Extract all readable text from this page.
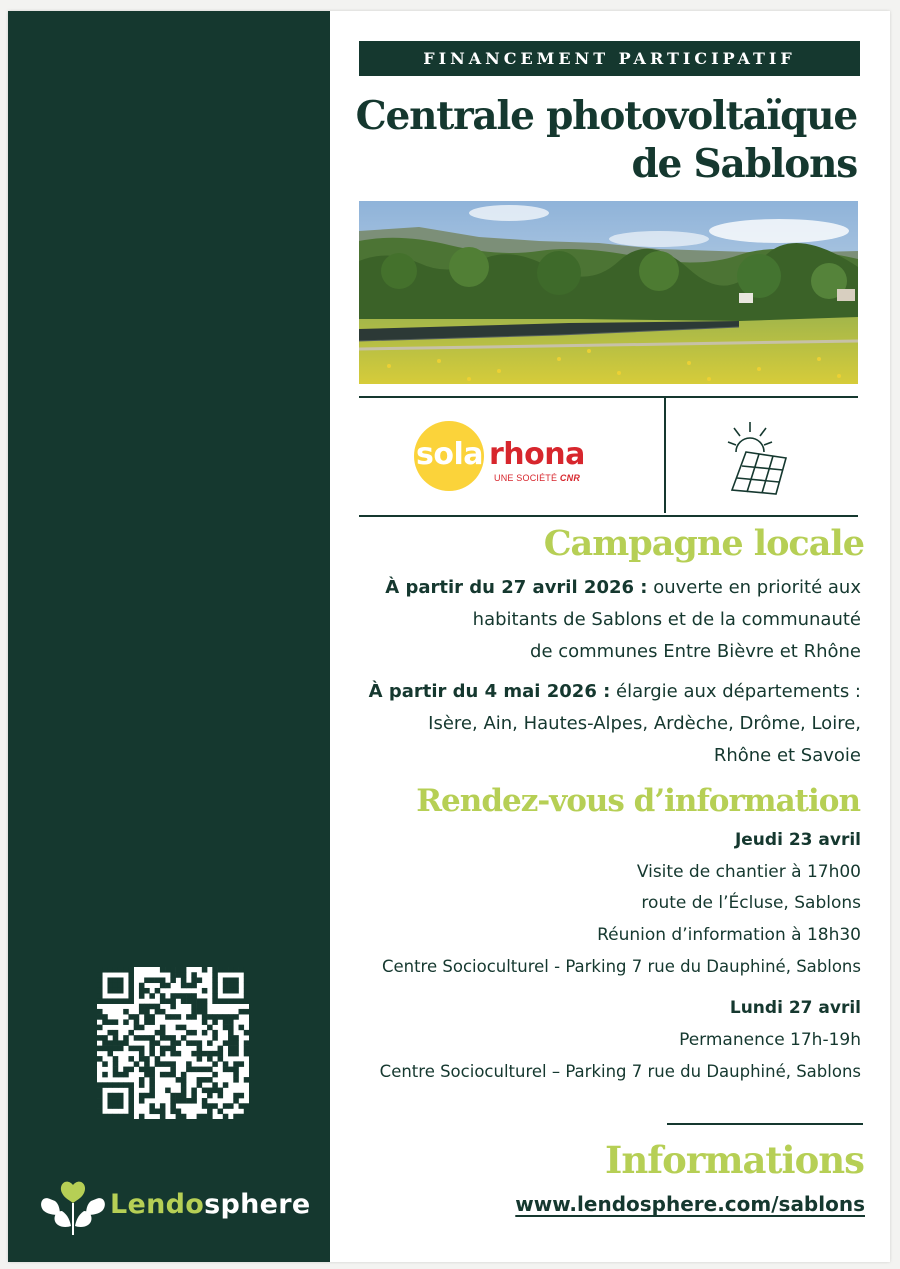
Lendosphere
FINANCEMENT PARTICIPATIF
Centrale photovoltaïque
de Sablons
sola rhona
UNE SOCIÉTÉ CNR
Campagne locale
À partir du 27 avril 2026 : ouverte en priorité aux
habitants de Sablons et de la communauté
de communes Entre Bièvre et Rhône
À partir du 4 mai 2026 : élargie aux départements :
Isère, Ain, Hautes-Alpes, Ardèche, Drôme, Loire,
Rhône et Savoie
Rendez-vous d’information
Jeudi 23 avril
Visite de chantier à 17h00
route de l’Écluse, Sablons
Réunion d’information à 18h30
Centre Socioculturel - Parking 7 rue du Dauphiné, Sablons
Lundi 27 avril
Permanence 17h-19h
Centre Socioculturel – Parking 7 rue du Dauphiné, Sablons
Informations
www.lendosphere.com/sablons
